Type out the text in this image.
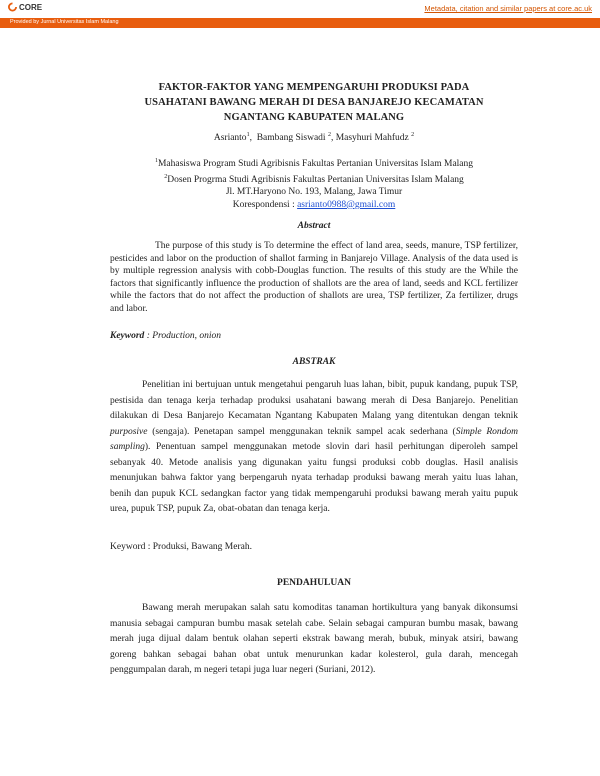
CORE	Metadata, citation and similar papers at core.ac.uk
Provided by Jurnal Universitas Islam Malang
FAKTOR-FAKTOR YANG MEMPENGARUHI PRODUKSI PADA
USAHATANI BAWANG MERAH DI DESA BANJAREJO KECAMATAN
NGANTANG KABUPATEN MALANG
Asrianto$^1$,  Bambang Siswadi $^2$, Masyhuri Mahfudz $^2$
$^1$Mahasiswa Program Studi Agribisnis Fakultas Pertanian Universitas Islam Malang
$^2$Dosen Progrma Studi Agribisnis Fakultas Pertanian Universitas Islam Malang
Jl. MT.Haryono No. 193, Malang, Jawa Timur
Korespondensi : asrianto0988@gmail.com
Abstract
The purpose of this study is To determine the effect of land area, seeds, manure, TSP fertilizer, pesticides and labor on the production of shallot farming in Banjarejo Village. Analysis of the data used is by multiple regression analysis with cobb-Douglas function. The results of this study are the While the factors that significantly influence the production of shallots are the area of land, seeds and KCL fertilizer while the factors that do not affect the production of shallots are urea, TSP fertilizer, Za fertilizer, drugs and labor.
Keyword : Production, onion
ABSTRAK
Penelitian ini bertujuan untuk mengetahui pengaruh luas lahan, bibit, pupuk kandang, pupuk TSP, pestisida dan tenaga kerja terhadap produksi usahatani bawang merah di Desa Banjarejo. Penelitian dilakukan di Desa Banjarejo Kecamatan Ngantang Kabupaten Malang yang ditentukan dengan teknik purposive (sengaja). Penetapan sampel menggunakan teknik sampel acak sederhana (Simple Rondom sampling). Penentuan sampel menggunakan metode slovin dari hasil perhitungan diperoleh sampel sebanyak 40. Metode analisis yang digunakan yaitu fungsi produksi cobb douglas. Hasil analisis menunjukan bahwa faktor yang berpengaruh nyata terhadap produksi bawang merah yaitu luas lahan, benih dan pupuk KCL sedangkan factor yang tidak mempengaruhi produksi bawang merah yaitu pupuk urea, pupuk TSP, pupuk Za, obat-obatan dan tenaga kerja.
Keyword : Produksi, Bawang Merah.
PENDAHULUAN
Bawang merah merupakan salah satu komoditas tanaman hortikultura yang banyak dikonsumsi manusia sebagai campuran bumbu masak setelah cabe. Selain sebagai campuran bumbu masak, bawang merah juga dijual dalam bentuk olahan seperti ekstrak bawang merah, bubuk, minyak atsiri, bawang goreng bahkan sebagai bahan obat untuk menurunkan kadar kolesterol, gula darah, mencegah penggumpalan darah, m negeri tetapi juga luar negeri (Suriani, 2012).
